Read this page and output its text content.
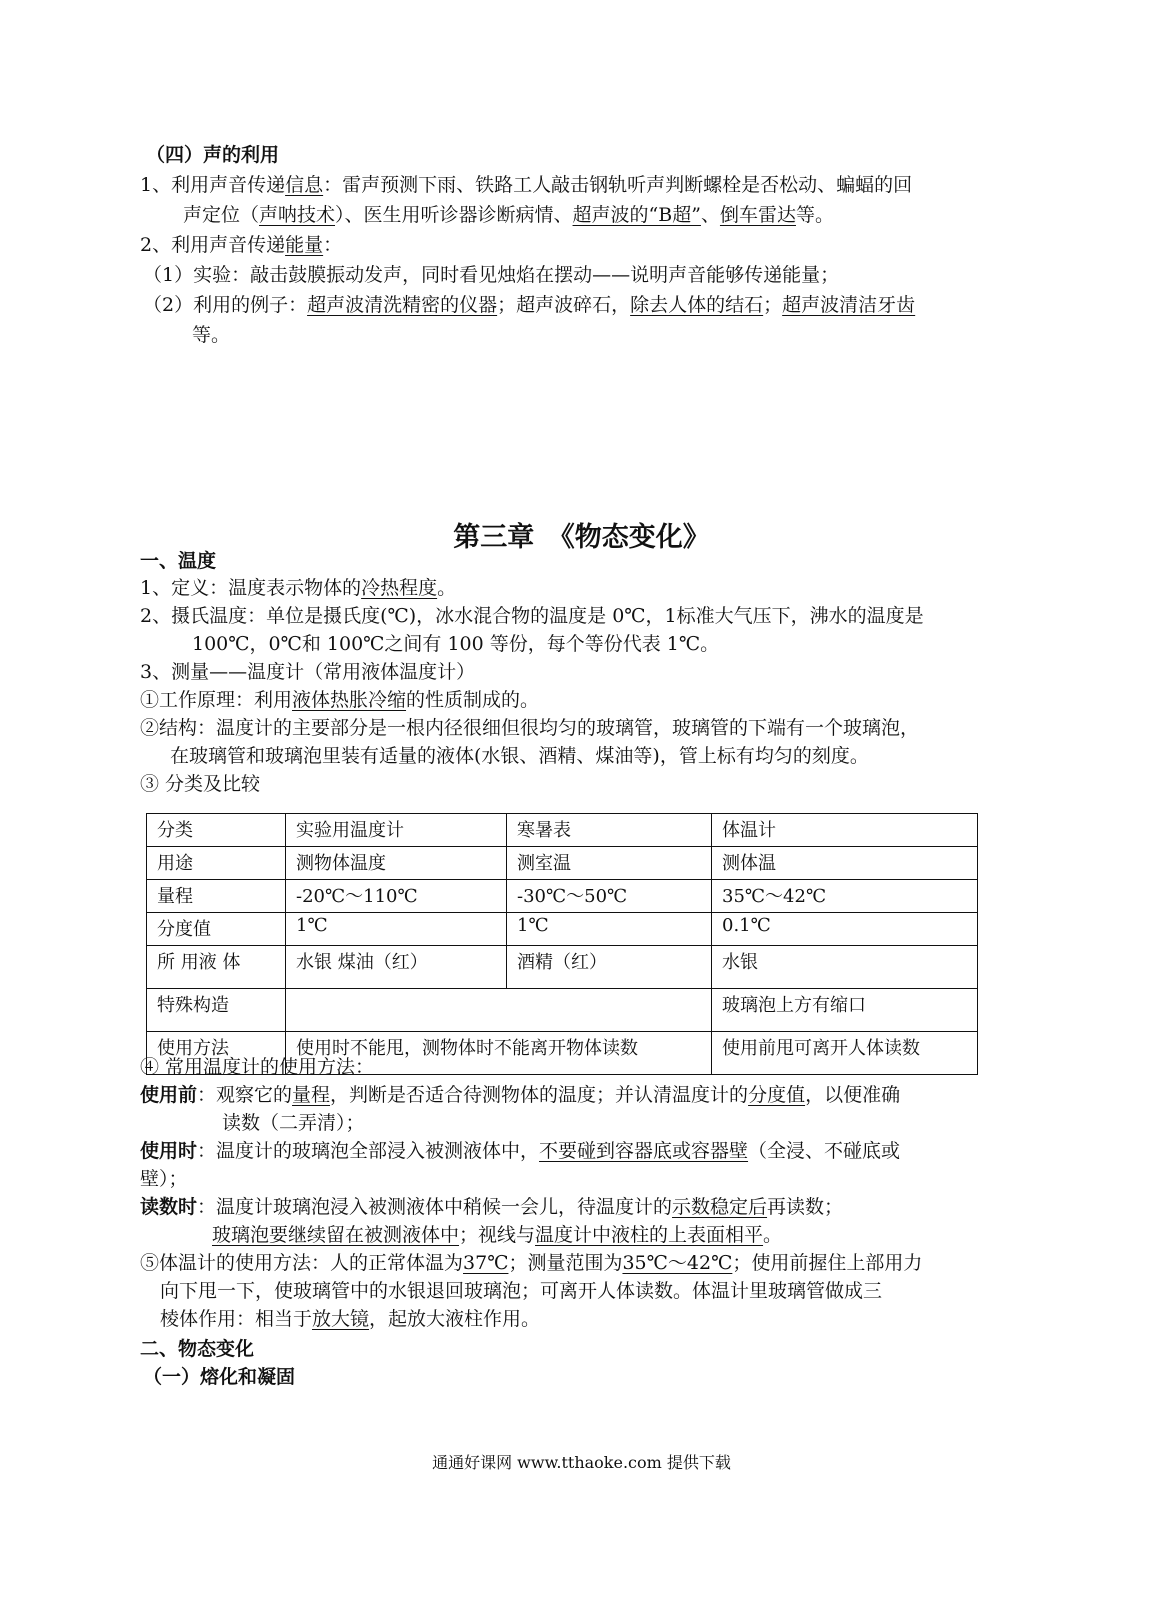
（四）声的利用
1、利用声音传递信息：雷声预测下雨、铁路工人敲击钢轨听声判断螺栓是否松动、蝙蝠的回
声定位（声呐技术）、医生用听诊器诊断病情、超声波的“B超”、倒车雷达等。
2、利用声音传递能量：
（1）实验：敲击鼓膜振动发声，同时看见烛焰在摆动——说明声音能够传递能量；
（2）利用的例子：超声波清洗精密的仪器；超声波碎石，除去人体的结石；超声波清洁牙齿
等。
第三章　《物态变化》
一、温度
1、定义：温度表示物体的冷热程度。
2、摄氏温度：单位是摄氏度(℃)，冰水混合物的温度是 0℃，1标准大气压下，沸水的温度是
100℃，0℃和 100℃之间有 100 等份，每个等份代表 1℃。
3、测量——温度计（常用液体温度计）
①工作原理：利用液体热胀冷缩的性质制成的。
②结构：温度计的主要部分是一根内径很细但很均匀的玻璃管，玻璃管的下端有一个玻璃泡，
在玻璃管和玻璃泡里装有适量的液体(水银、酒精、煤油等)，管上标有均匀的刻度。
③ 分类及比较
分类	实验用温度计	寒暑表	体温计
用途	测物体温度	测室温	测体温
量程	-20℃～110℃	-30℃～50℃	35℃～42℃
分度值	1℃	1℃	0.1℃
所 用液 体	水银 煤油（红）	酒精（红）	水银
特殊构造			玻璃泡上方有缩口
使用方法	使用时不能甩，测物体时不能离开物体读数		使用前甩可离开人体读数
④ 常用温度计的使用方法：
使用前：观察它的量程，判断是否适合待测物体的温度；并认清温度计的分度值，以便准确
读数（二弄清）；
使用时：温度计的玻璃泡全部浸入被测液体中，不要碰到容器底或容器壁（全浸、不碰底或
壁）；
读数时：温度计玻璃泡浸入被测液体中稍候一会儿，待温度计的示数稳定后再读数；
玻璃泡要继续留在被测液体中；视线与温度计中液柱的上表面相平。
⑤体温计的使用方法：人的正常体温为37℃；测量范围为35℃～42℃；使用前握住上部用力
向下甩一下，使玻璃管中的水银退回玻璃泡；可离开人体读数。体温计里玻璃管做成三
棱体作用：相当于放大镜，起放大液柱作用。
二、物态变化
（一）熔化和凝固
通通好课网 www.tthaoke.com 提供下载
